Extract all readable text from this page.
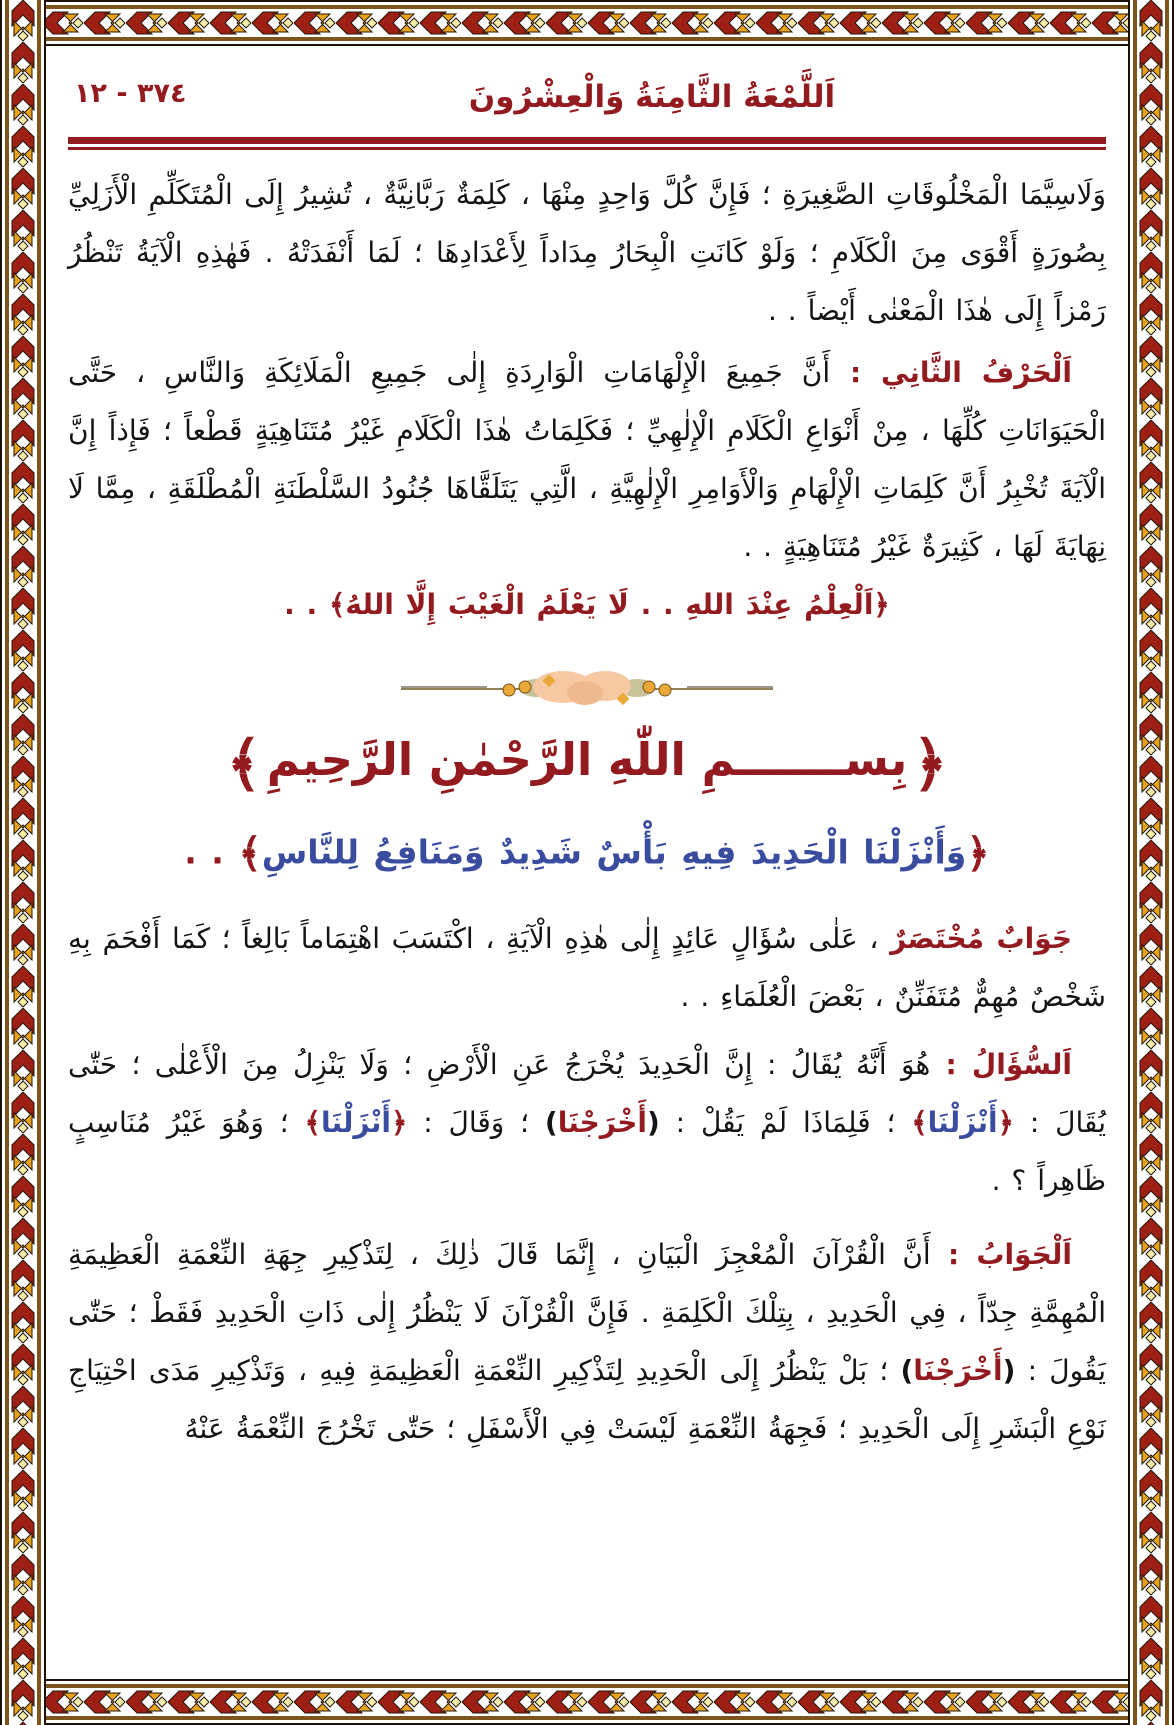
٣٧٤ - ١٢	اَللَّمْعَةُ الثَّامِنَةُ وَالْعِشْرُونَ

وَلَاسِيَّمَا الْمَخْلُوقَاتِ الصَّغِيرَةِ ؛ فَإِنَّ كُلَّ وَاحِدٍ مِنْهَا ، كَلِمَةٌ رَبَّانِيَّةٌ ، تُشِيرُ إِلَى الْمُتَكَلِّمِ الْأَزَلِيِّ بِصُورَةٍ أَقْوَى مِنَ الْكَلَامِ ؛ وَلَوْ كَانَتِ الْبِحَارُ مِدَاداً لِأَعْدَادِهَا ؛ لَمَا أَنْفَدَتْهُ . فَهٰذِهِ الْآيَةُ تَنْظُرُ رَمْزاً إِلَى هٰذَا الْمَعْنٰى أَيْضاً . .

اَلْحَرْفُ الثَّانِي : أَنَّ جَمِيعَ الْإِلْهَامَاتِ الْوَارِدَةِ إِلٰى جَمِيعِ الْمَلَائِكَةِ وَالنَّاسِ ، حَتَّى الْحَيَوَانَاتِ كُلِّهَا ، مِنْ أَنْوَاعِ الْكَلَامِ الْإِلٰهِيِّ ؛ فَكَلِمَاتُ هٰذَا الْكَلَامِ غَيْرُ مُتَنَاهِيَةٍ قَطْعاً ؛ فَإِذاً إِنَّ الْآيَةَ تُخْبِرُ أَنَّ كَلِمَاتِ الْإِلْهَامِ وَالْأَوَامِرِ الْإِلٰهِيَّةِ ، الَّتِي يَتَلَقَّاهَا جُنُودُ السَّلْطَنَةِ الْمُطْلَقَةِ ، مِمَّا لَا نِهَايَةَ لَهَا ، كَثِيرَةٌ غَيْرُ مُتَنَاهِيَةٍ . .

﴿اَلْعِلْمُ عِنْدَ اللهِ . . لَا يَعْلَمُ الْغَيْبَ إِلَّا اللهُ﴾ . .

﴿ بِســـــــمِ اللّٰهِ الرَّحْمٰنِ الرَّحِيمِ ﴾
﴿وَأَنْزَلْنَا الْحَدِيدَ فِيهِ بَأْسٌ شَدِيدٌ وَمَنَافِعُ لِلنَّاسِ﴾ . .

جَوَابٌ مُخْتَصَرٌ ، عَلٰى سُؤَالٍ عَائِدٍ إِلٰى هٰذِهِ الْآيَةِ ، اكْتَسَبَ اهْتِمَاماً بَالِغاً ؛ كَمَا أَفْحَمَ بِهِ شَخْصٌ مُهِمٌّ مُتَفَنِّنٌ ، بَعْضَ الْعُلَمَاءِ . .

اَلسُّؤَالُ : هُوَ أَنَّهُ يُقَالُ : إِنَّ الْحَدِيدَ يُخْرَجُ عَنِ الْأَرْضِ ؛ وَلَا يَنْزِلُ مِنَ الْأَعْلٰى ؛ حَتّٰى يُقَالَ : ﴿أَنْزَلْنَا﴾ ؛ فَلِمَاذَا لَمْ يَقُلْ : (أَخْرَجْنَا) ؛ وَقَالَ : ﴿أَنْزَلْنَا﴾ ؛ وَهُوَ غَيْرُ مُنَاسِبٍ ظَاهِراً ؟ .

اَلْجَوَابُ : أَنَّ الْقُرْآنَ الْمُعْجِزَ الْبَيَانِ ، إِنَّمَا قَالَ ذٰلِكَ ، لِتَذْكِيرِ جِهَةِ النِّعْمَةِ الْعَظِيمَةِ الْمُهِمَّةِ جِدّاً ، فِي الْحَدِيدِ ، بِتِلْكَ الْكَلِمَةِ . فَإِنَّ الْقُرْآنَ لَا يَنْظُرُ إِلٰى ذَاتِ الْحَدِيدِ فَقَطْ ؛ حَتّٰى يَقُولَ : (أَخْرَجْنَا) ؛ بَلْ يَنْظُرُ إِلَى الْحَدِيدِ لِتَذْكِيرِ النِّعْمَةِ الْعَظِيمَةِ فِيهِ ، وَتَذْكِيرِ مَدَى احْتِيَاجِ نَوْعِ الْبَشَرِ إِلَى الْحَدِيدِ ؛ فَجِهَةُ النِّعْمَةِ لَيْسَتْ فِي الْأَسْفَلِ ؛ حَتّٰى تَخْرُجَ النِّعْمَةُ عَنْهُ
